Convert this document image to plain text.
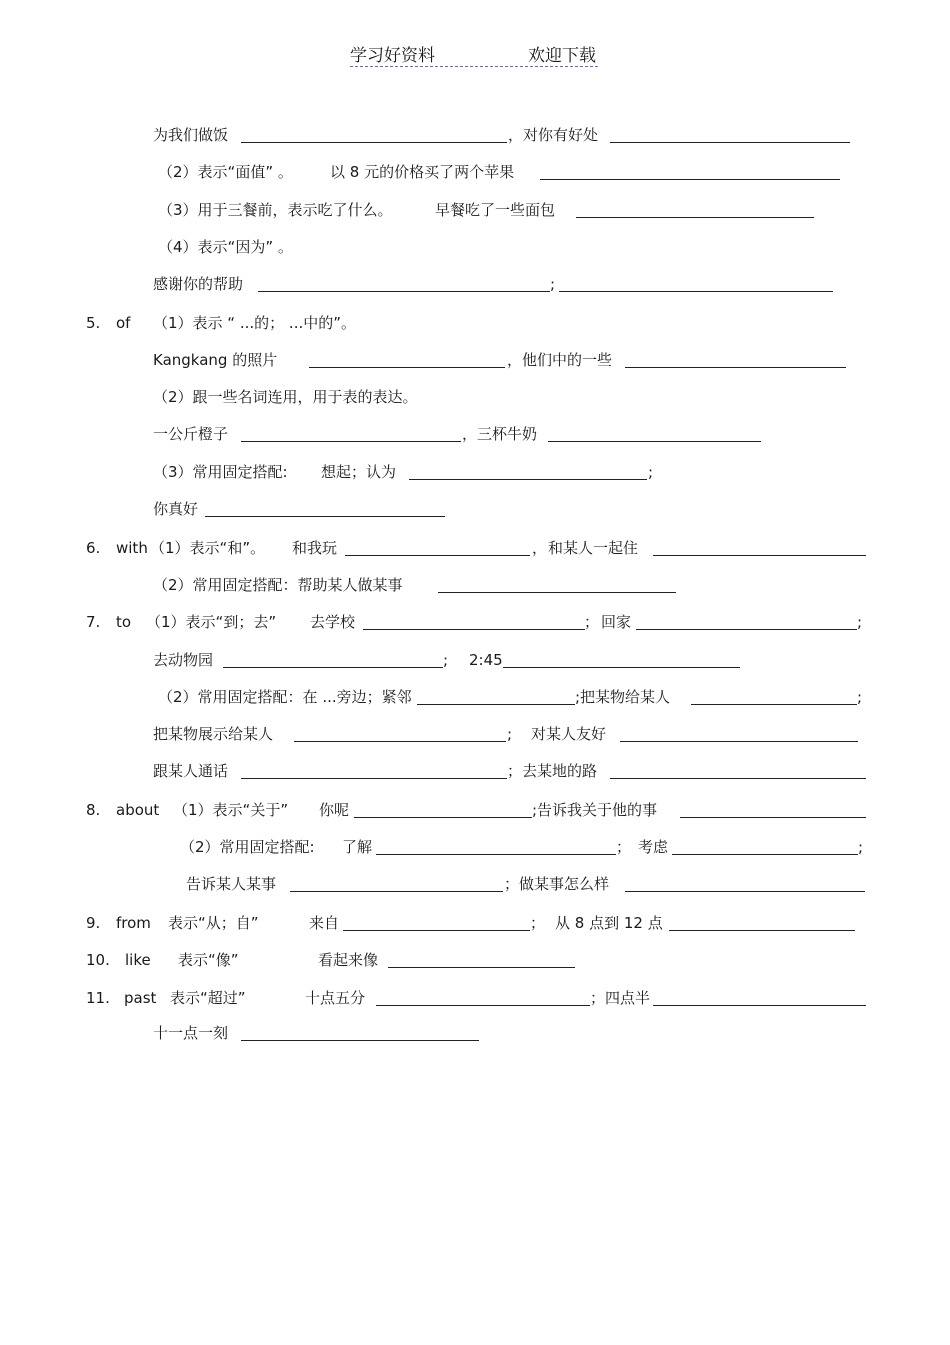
学习好资料	欢迎下载
为我们做饭	，对你有好处
（2）表示“面值” 。 以 8 元的价格买了两个苹果
（3）用于三餐前，表示吃了什么。	早餐吃了一些面包
（4）表示“因为” 。
感谢你的帮助	;
5. of （1）表示 “ ...的； ...中的”。
Kangkang 的照片	，他们中的一些
（2）跟一些名词连用，用于表的表达。
一公斤橙子	，三杯牛奶
（3）常用固定搭配: 想起；认为	;
你真好
6. with （1）表示“和”。 和我玩	， 和某人一起住
（2）常用固定搭配：帮助某人做某事
7. to （1）表示“到；去” 去学校	； 回家	;
去动物园	; 2:45
（2）常用固定搭配：在 ...旁边；紧邻	;把某物给某人	;
把某物展示给某人	; 对某人友好
跟某人通话	；去某地的路
8. about （1）表示“关于” 你呢	;告诉我关于他的事
（2）常用固定搭配: 了解	； 考虑	;
告诉某人某事	；做某事怎么样
9. from 表示“从；自”	来自	； 从 8 点到 12 点
10. like 表示“像”	看起来像
11. past 表示“超过”	十点五分	；四点半
十一点一刻
